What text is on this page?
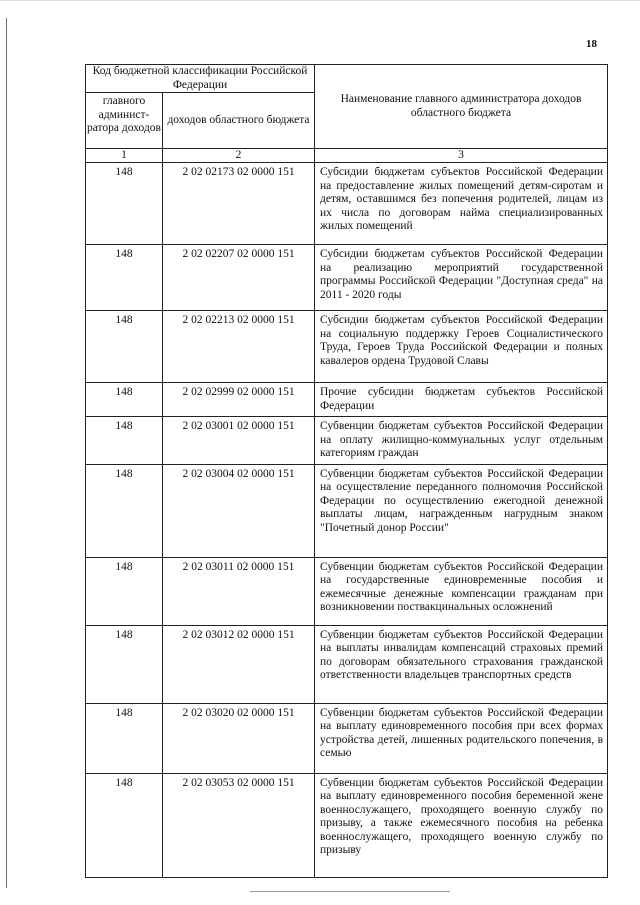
18
Код бюджетной классификации Российской Федерации		Наименование главного администратора доходов областного бюджета
главного админист-ратора доходов	доходов областного бюджета	
1	2	3
148	2 02 02173 02 0000 151	Субсидии бюджетам субъектов Российской Федерации на предоставление жилых помещений детям-сиротам и детям, оставшимся без попечения родителей, лицам из их числа по договорам найма специализированных жилых помещений
148	2 02 02207 02 0000 151	Субсидии бюджетам субъектов Российской Федерации на реализацию мероприятий государственной программы Российской Федерации "Доступная среда" на 2011 - 2020 годы
148	2 02 02213 02 0000 151	Субсидии бюджетам субъектов Российской Федерации на социальную поддержку Героев Социалистического Труда, Героев Труда Российской Федерации и полных кавалеров ордена Трудовой Славы
148	2 02 02999 02 0000 151	Прочие субсидии бюджетам субъектов Российской Федерации
148	2 02 03001 02 0000 151	Субвенции бюджетам субъектов Российской Федерации на оплату жилищно-коммунальных услуг отдельным категориям граждан
148	2 02 03004 02 0000 151	Субвенции бюджетам субъектов Российской Федерации на осуществление переданного полномочия Российской Федерации по осуществлению ежегодной денежной выплаты лицам, награжденным нагрудным знаком "Почетный донор России"
148	2 02 03011 02 0000 151	Субвенции бюджетам субъектов Российской Федерации на государственные единовременные пособия и ежемесячные денежные компенсации гражданам при возникновении поствакцинальных осложнений
148	2 02 03012 02 0000 151	Субвенции бюджетам субъектов Российской Федерации на выплаты инвалидам компенсаций страховых премий по договорам обязательного страхования гражданской ответственности владельцев транспортных средств
148	2 02 03020 02 0000 151	Субвенции бюджетам субъектов Российской Федерации на выплату единовременного пособия при всех формах устройства детей, лишенных родительского попечения, в семью
148	2 02 03053 02 0000 151	Субвенции бюджетам субъектов Российской Федерации на выплату единовременного пособия беременной жене военнослужащего, проходящего военную службу по призыву, а также ежемесячного пособия на ребенка военнослужащего, проходящего военную службу по призыву
